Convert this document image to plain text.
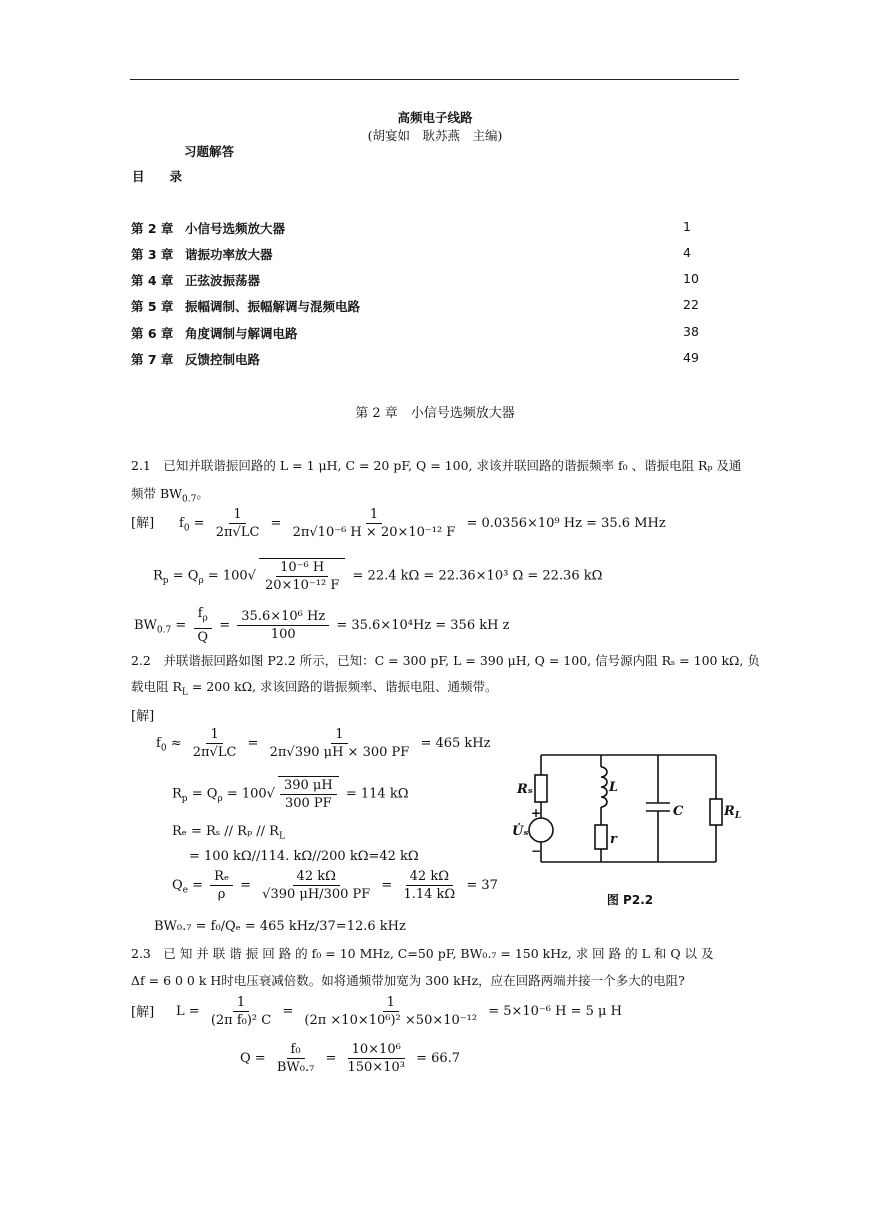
高频电子线路
(胡宴如　耿苏燕　主编)
习题解答
目　　录
第 2 章 小信号选频放大器	1
第 3 章 谐振功率放大器	4
第 4 章 正弦波振荡器	10
第 5 章 振幅调制、振幅解调与混频电路	22
第 6 章 角度调制与解调电路	38
第 7 章 反馈控制电路	49
第 2 章　小信号选频放大器
2.1　已知并联谐振回路的 L = 1 μH, C = 20 pF, Q = 100, 求该并联回路的谐振频率 f₀ 、谐振电阻 Rₚ 及通
频带 $BW_{0.7}$。
[解] $f_0 = \frac{1}{2\pi√LC} = \frac{1}{\text{2π√10⁻⁶ H × 20×10⁻¹² F}} = 0.0356\times 10^9$ Hz = 35.6 MHz
$R_p = Q_\rho = 100√ \frac{\text{10⁻⁶ H}}{\text{20×10⁻¹² F}} = 22.4$ kΩ = 22.36×10³ Ω = 22.36 kΩ
$BW_{0.7} = \frac{f_\rho}{Q} = \frac{\text{35.6×10⁶ Hz}}{100} = 35.6\times 10^4Hz = 356$ kH z
2.2　并联谐振回路如图 P2.2 所示，已知：C = 300 pF, L = 390 μH, Q = 100, 信号源内阻 Rₛ = 100 kΩ, 负
载电阻 $R_L = 200$ kΩ, 求该回路的谐振频率、谐振电阻、通频带。
[解]
$f_0 \approx \frac{1}{2\pi√LC} = \frac{1}{2\pi√390 \mu H \times 300 PF} = 465$ kHz
$R_p = Q_\rho = 100√ \frac{390 \mu H}{300 PF} = 114$ kΩ
$R_e = R_s // R_p // R_L$
= 100 kΩ//114. kΩ//200 kΩ=42 kΩ
$Q_e = \frac{\text{Rₑ}}{\rho} = \frac{42 k\Omega}{√390 \mu H/300 PF} = \frac{42 k\Omega}{1.14 k\Omega} = 37$
BW₀.₇ = f₀/Qₑ = 465 kHz/37=12.6 kHz
Rₛ
U̇ₛ
L
r
C	$R_L$
+
−
图 P2.2
2.3　已 知 并 联 谐 振 回 路 的 f₀ = 10 MHz, C=50 pF, BW₀.₇ = 150 kHz, 求 回 路 的 L 和 Q 以 及
Δf = 6 0 0 k H时电压衰减倍数。如将通频带加宽为 300 kHz，应在回路两端并接一个多大的电阻?
[解] $L = \frac{1}{\text{(2π f₀)² C}} = \frac{1}{\text{(2π ×10×10⁶)² ×50×10⁻¹²}} = 5\times 10^{-6}$ H = 5 μ H
$Q = \frac{\text{f₀}}{\text{BW₀.₇}} = \frac{\text{10×10⁶}}{\text{150×10³}} = 66.7$
